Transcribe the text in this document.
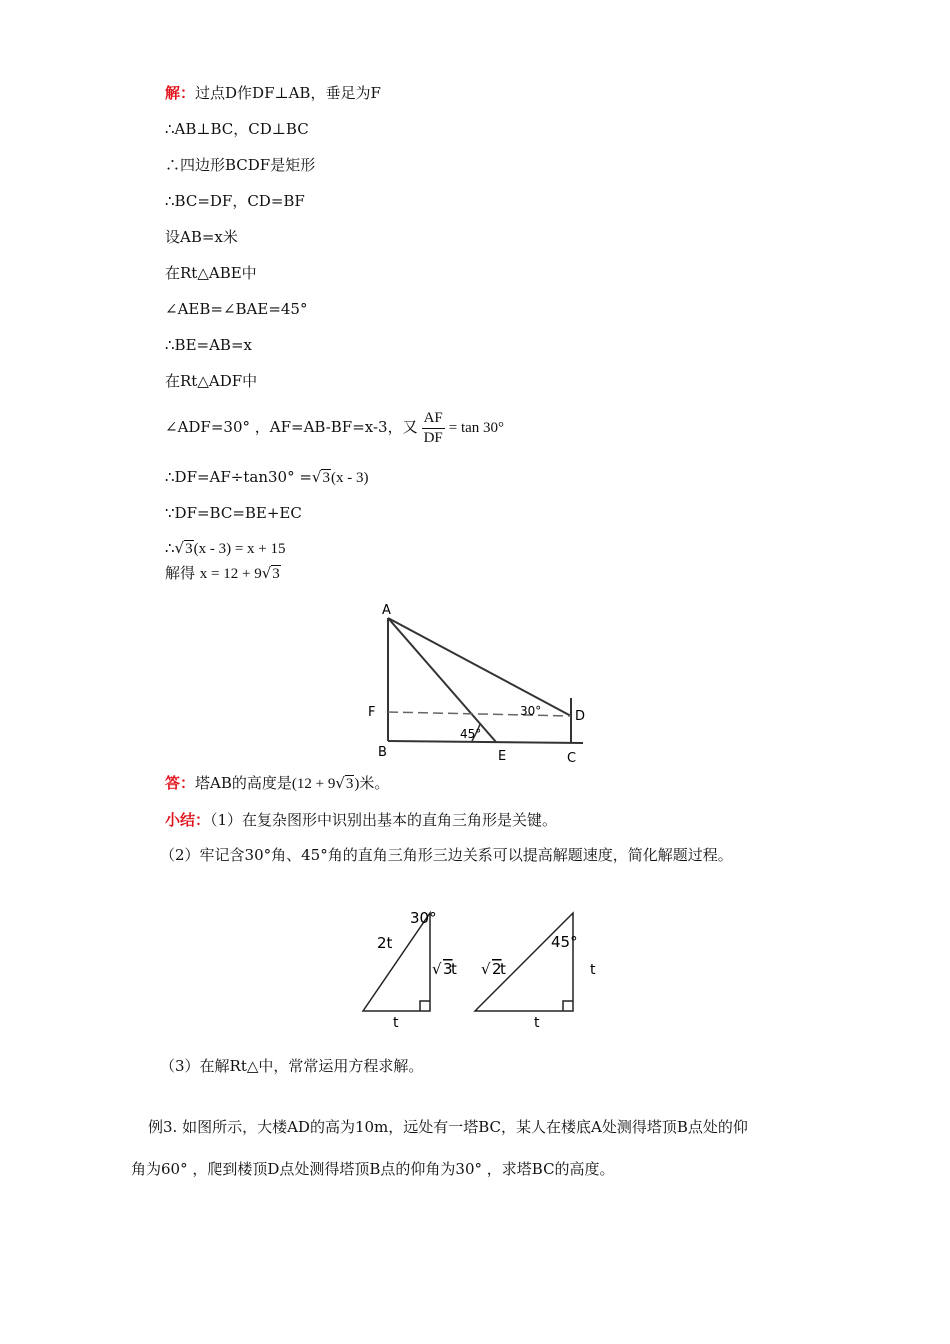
解：过点D作DF⊥AB，垂足为F
∴AB⊥BC，CD⊥BC
∴四边形BCDF是矩形
∴BC=DF，CD=BF
设AB=x米
在Rt△ABE中
∠AEB=∠BAE=45°
∴BE=AB=x
在Rt△ADF中
∠ADF=30° ，AF=AB-BF=x-3，又 $\frac{AF}{DF} = \tan 30^\circ$
∴DF=AF÷tan30° =√3(x - 3)
∵DF=BC=BE+EC
∴√3(x - 3) = x + 15
解得 x = 12 + 9√3
A
F
B	E	C
D
30°
45°
答：塔AB的高度是(12 + 9√3)米。
小结：（1）在复杂图形中识别出基本的直角三角形是关键。
（2）牢记含30°角、45°角的直角三角形三边关系可以提高解题速度，简化解题过程。
30°
2t
√ 3
t
t
45°
√ 2
t	t
t
（3）在解Rt△中，常常运用方程求解。
例3. 如图所示，大楼AD的高为10m，远处有一塔BC，某人在楼底A处测得塔顶B点处的仰
角为60° ，爬到楼顶D点处测得塔顶B点的仰角为30° ，求塔BC的高度。
